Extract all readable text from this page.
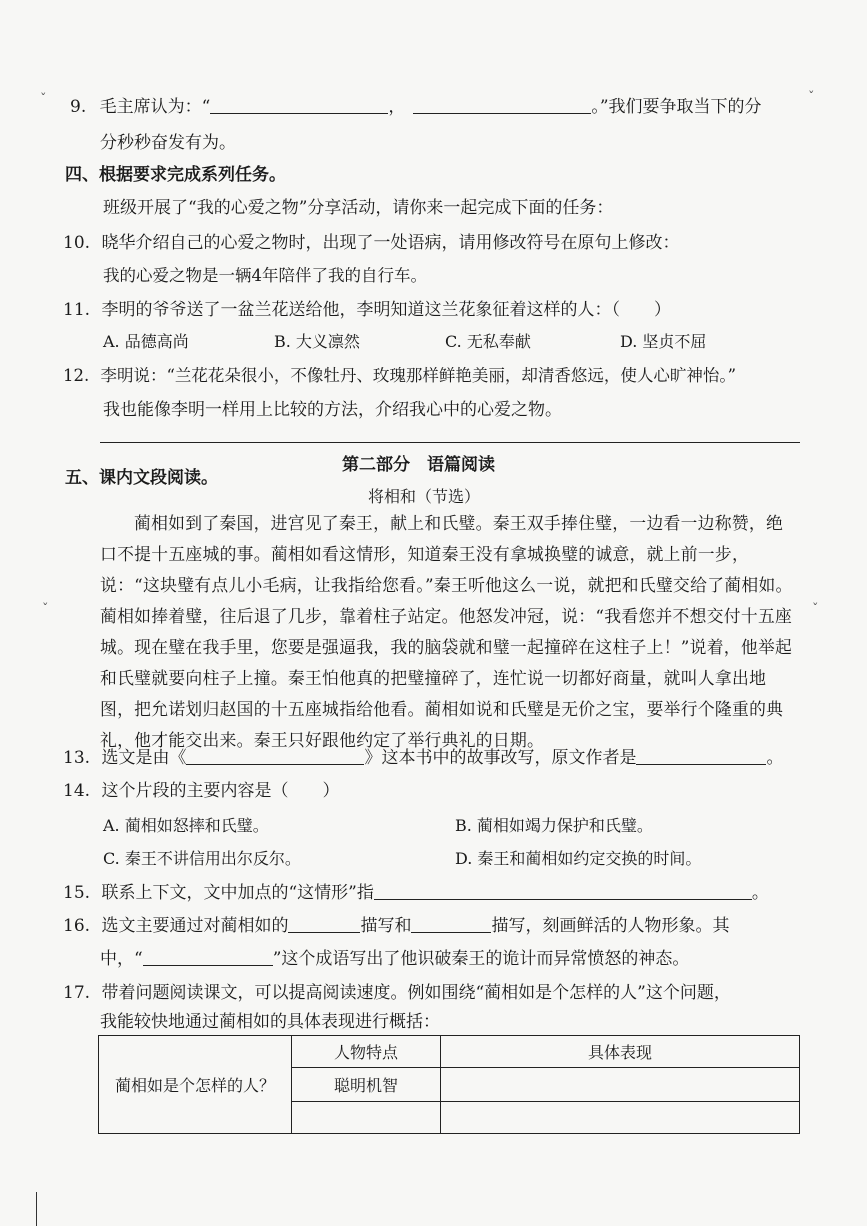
9. 毛主席认为：“	，	。”我们要争取当下的分
分秒秒奋发有为。
四、根据要求完成系列任务。
班级开展了“我的心爱之物”分享活动，请你来一起完成下面的任务：
10. 晓华介绍自己的心爱之物时，出现了一处语病，请用修改符号在原句上修改：
我的心爱之物是一辆4年陪伴了我的自行车。
11. 李明的爷爷送了一盆兰花送给他，李明知道这兰花象征着这样的人：（　　）
A. 品德高尚	B. 大义凛然	C. 无私奉献	D. 坚贞不屈
12. 李明说：“兰花花朵很小，不像牡丹、玫瑰那样鲜艳美丽，却清香悠远，使人心旷神怡。”
我也能像李明一样用上比较的方法，介绍我心中的心爱之物。
第二部分　语篇阅读
五、课内文段阅读。
将相和（节选）
蔺相如到了秦国，进宫见了秦王，献上和氏璧。秦王双手捧住璧，一边看一边称赞，绝口不提十五座城的事。蔺相如看这情形，知道秦王没有拿城换璧的诚意，就上前一步，说：“这块璧有点儿小毛病，让我指给您看。”秦王听他这么一说，就把和氏璧交给了蔺相如。蔺相如捧着璧，往后退了几步，靠着柱子站定。他怒发冲冠，说：“我看您并不想交付十五座城。现在璧在我手里，您要是强逼我，我的脑袋就和璧一起撞碎在这柱子上！”说着，他举起和氏璧就要向柱子上撞。秦王怕他真的把璧撞碎了，连忙说一切都好商量，就叫人拿出地图，把允诺划归赵国的十五座城指给他看。蔺相如说和氏璧是无价之宝，要举行个隆重的典礼，他才能交出来。秦王只好跟他约定了举行典礼的日期。
13. 选文是由《	》这本书中的故事改写，原文作者是	。
14. 这个片段的主要内容是（　　）
A. 蔺相如怒摔和氏璧。	B. 蔺相如竭力保护和氏璧。
C. 秦王不讲信用出尔反尔。	D. 秦王和蔺相如约定交换的时间。
15. 联系上下文，文中加点的“这情形”指	。
16. 选文主要通过对蔺相如的	描写和	描写，刻画鲜活的人物形象。其
中，“	”这个成语写出了他识破秦王的诡计而异常愤怒的神态。
17. 带着问题阅读课文，可以提高阅读速度。例如围绕“蔺相如是个怎样的人”这个问题，
我能较快地通过蔺相如的具体表现进行概括：
蔺相如是个怎样的人？	人物特点	具体表现
	聪明机智	

ˇ	ˇ
ˇ
ˇ
